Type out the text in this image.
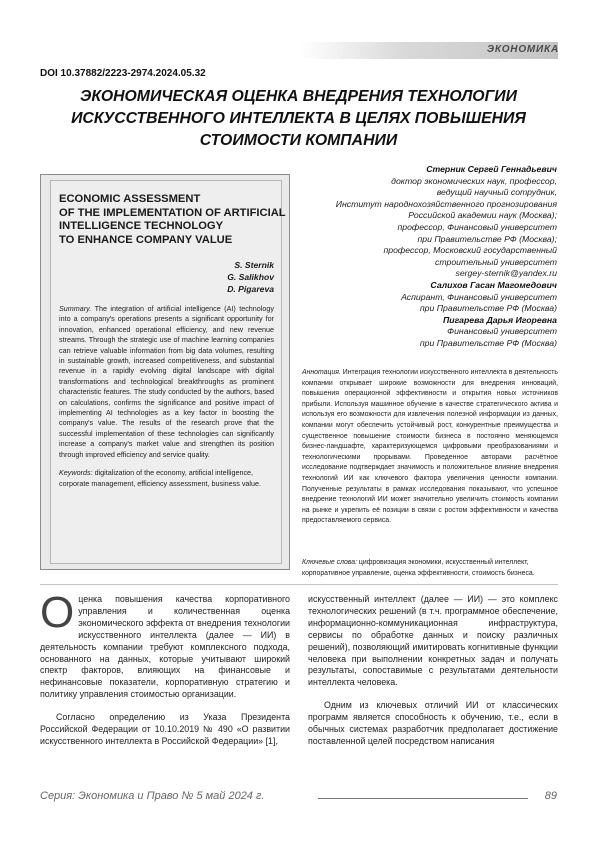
ЭКОНОМИКА
DOI 10.37882/2223-2974.2024.05.32
ЭКОНОМИЧЕСКАЯ ОЦЕНКА ВНЕДРЕНИЯ ТЕХНОЛОГИИ
ИСКУССТВЕННОГО ИНТЕЛЛЕКТА В ЦЕЛЯХ ПОВЫШЕНИЯ
СТОИМОСТИ КОМПАНИИ
ECONOMIC ASSESSMENT
OF THE IMPLEMENTATION OF ARTIFICIAL
INTELLIGENCE TECHNOLOGY
TO ENHANCE COMPANY VALUE
S. Sternik
G. Salikhov
D. Pigareva
Summary. The integration of artificial intelligence (AI) technology into a company's operations presents a significant opportunity for innovation, enhanced operational efficiency, and new revenue streams. Through the strategic use of machine learning companies can retrieve valuable information from big data volumes, resulting in sustainable growth, increased competitiveness, and substantial revenue in a rapidly evolving digital landscape with digital transformations and technological breakthroughs as prominent characteristic features. The study conducted by the authors, based on calculations, confirms the significance and positive impact of implementing AI technologies as a key factor in boosting the company's value. The results of the research prove that the successful implementation of these technologies can significantly increase a company's market value and strengthen its position through improved efficiency and service quality.
Keywords: digitalization of the economy, artificial intelligence, corporate management, efficiency assessment, business value.
Стерник Сергей Геннадьевич
доктор экономических наук, профессор,
ведущий научный сотрудник,
Институт народнохозяйственного прогнозирования
Российской академии наук (Москва);
профессор, Финансовый университет
при Правительстве РФ (Москва);
профессор, Московский государственный
строительный университет
sergey-sternik@yandex.ru
Салихов Гасан Магомедович
Аспирант, Финансовый университет
при Правительстве РФ (Москва)
Пигарева Дарья Игоревна
Финансовый университет
при Правительстве РФ (Москва)
Аннотация. Интеграция технологии искусственного интеллекта в деятельность компании открывает широкие возможности для внедрения инноваций, повышения операционной эффективности и открытия новых источников прибыли. Используя машинное обучение в качестве стратегического актива и используя его возможности для извлечения полезной информации из данных, компании могут обеспечить устойчивый рост, конкурентные преимущества и существенное повышение стоимости бизнеса в постоянно меняющемся бизнес-ландшафте, характеризующемся цифровыми преобразованиями и технологическими прорывами. Проведенное авторами расчётное исследование подтверждает значимость и положительное влияние внедрения технологий ИИ как ключевого фактора увеличения ценности компании. Полученные результаты в рамках исследования показывают, что успешное внедрение технологий ИИ может значительно увеличить стоимость компании на рынке и укрепить её позиции в связи с ростом эффективности и качества предоставляемого сервиса.
Ключевые слова: цифровизация экономики, искусственный интеллект, корпоративное управление, оценка эффективности, стоимость бизнеса.

Оценка повышения качества корпоративного управления и количественная оценка экономического эффекта от внедрения технологии искусственного интеллекта (далее — ИИ) в деятельность компании требуют комплексного подхода, основанного на данных, которые учитывают широкий спектр факторов, влияющих на финансовые и нефинансовые показатели, корпоративную стратегию и политику управления стоимостью организации.

Согласно определению из Указа Президента Российской Федерации от 10.10.2019 № 490 «О развитии искусственного интеллекта в Российской Федерации» [1],

искусственный интеллект (далее — ИИ) — это комплекс технологических решений (в т.ч. программное обеспечение, информационно-коммуникационная инфраструктура, сервисы по обработке данных и поиску различных решений), позволяющий имитировать когнитивные функции человека при выполнении конкретных задач и получать результаты, сопоставимые с результатами деятельности интеллекта человека.

Одним из ключевых отличий ИИ от классических программ является способность к обучению, т.е., если в обычных системах разработчик предполагает достижение поставленной целей посредством написания

Серия: Экономика и Право № 5 май 2024 г.	89
